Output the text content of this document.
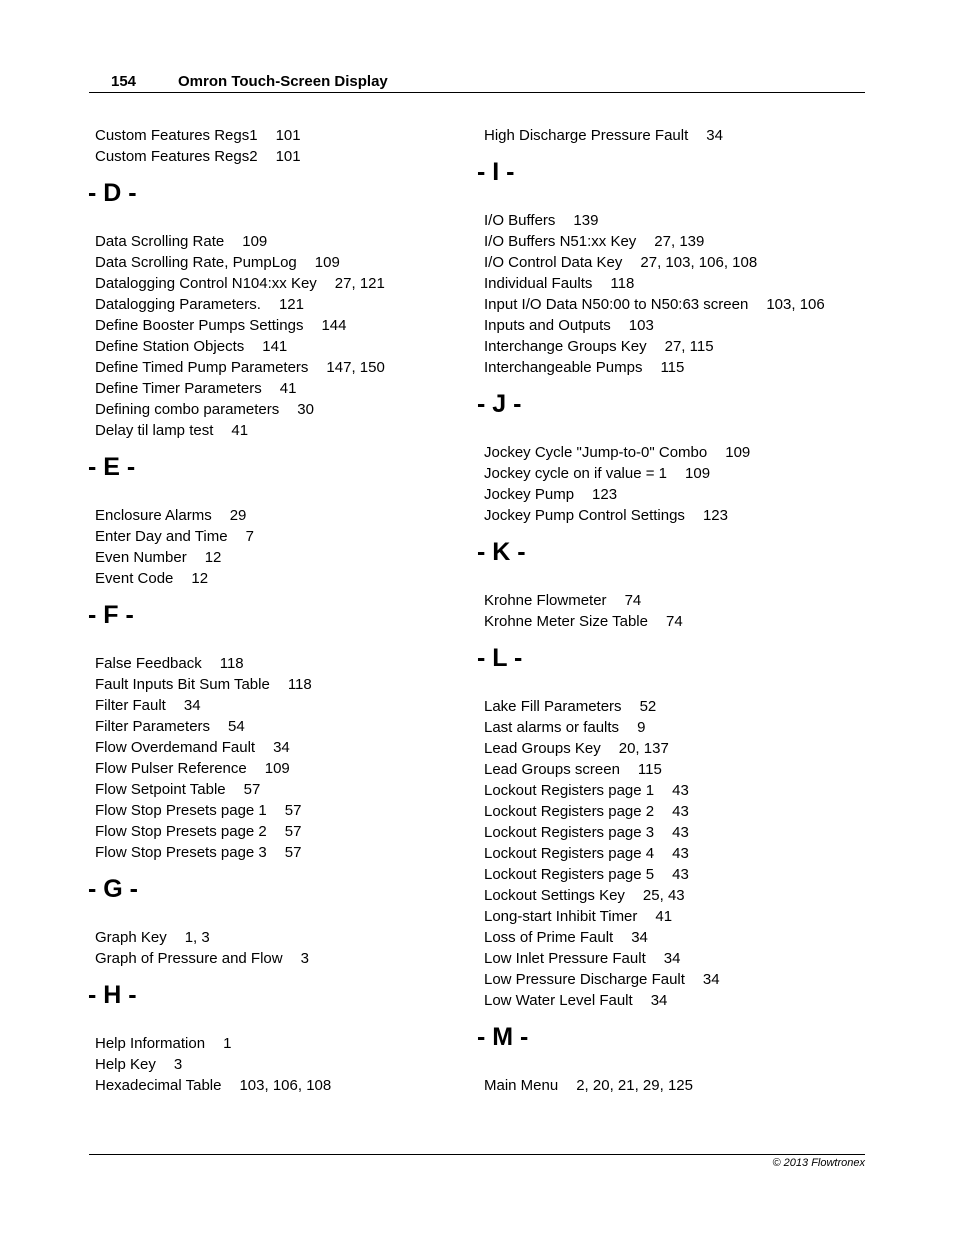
154	Omron Touch-Screen Display
Custom Features Regs1 101
Custom Features Regs2 101
- D -
Data Scrolling Rate 109
Data Scrolling Rate, PumpLog 109
Datalogging Control N104:xx Key 27, 121
Datalogging Parameters. 121
Define Booster Pumps Settings 144
Define Station Objects 141
Define Timed Pump Parameters 147, 150
Define Timer Parameters 41
Defining combo parameters 30
Delay til lamp test 41
- E -
Enclosure Alarms 29
Enter Day and Time 7
Even Number 12
Event Code 12
- F -
False Feedback 118
Fault Inputs Bit Sum Table 118
Filter Fault 34
Filter Parameters 54
Flow Overdemand Fault 34
Flow Pulser Reference 109
Flow Setpoint Table 57
Flow Stop Presets page 1 57
Flow Stop Presets page 2 57
Flow Stop Presets page 3 57
- G -
Graph Key 1, 3
Graph of Pressure and Flow 3
- H -
Help Information 1
Help Key 3
Hexadecimal Table 103, 106, 108
High Discharge Pressure Fault 34
- I -
I/O Buffers 139
I/O Buffers N51:xx Key 27, 139
I/O Control Data Key 27, 103, 106, 108
Individual Faults 118
Input I/O Data N50:00 to N50:63 screen 103, 106
Inputs and Outputs 103
Interchange Groups Key 27, 115
Interchangeable Pumps 115
- J -
Jockey Cycle "Jump-to-0" Combo 109
Jockey cycle on if value = 1 109
Jockey Pump 123
Jockey Pump Control Settings 123
- K -
Krohne Flowmeter 74
Krohne Meter Size Table 74
- L -
Lake Fill Parameters 52
Last alarms or faults 9
Lead Groups Key 20, 137
Lead Groups screen 115
Lockout Registers page 1 43
Lockout Registers page 2 43
Lockout Registers page 3 43
Lockout Registers page 4 43
Lockout Registers page 5 43
Lockout Settings Key 25, 43
Long-start Inhibit Timer 41
Loss of Prime Fault 34
Low Inlet Pressure Fault 34
Low Pressure Discharge Fault 34
Low Water Level Fault 34
- M -
Main Menu 2, 20, 21, 29, 125
© 2013 Flowtronex
